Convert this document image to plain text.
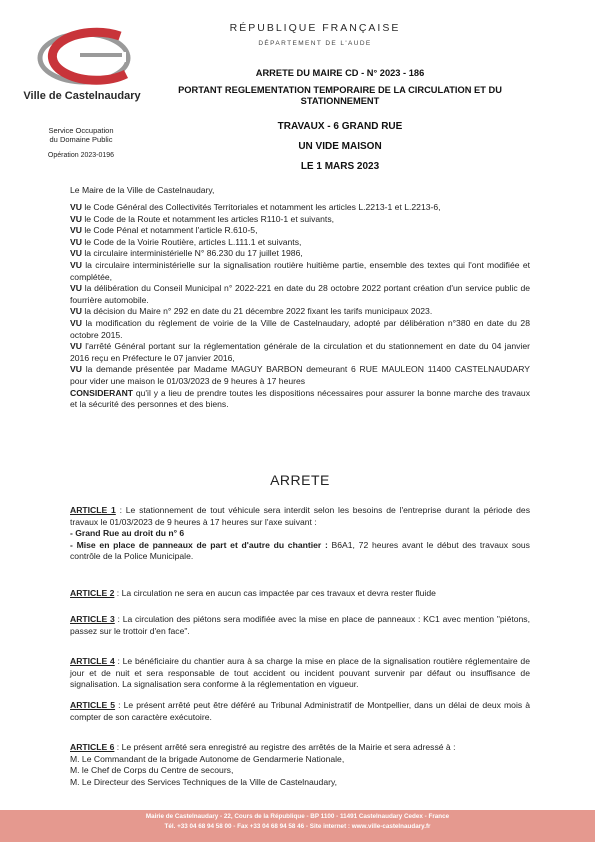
Ville de Castelnaudary
RÉPUBLIQUE FRANÇAISE
DÉPARTEMENT DE L'AUDE
Service Occupation
du Domaine Public
Opération 2023-0196
ARRETE DU MAIRE CD - N° 2023 - 186
PORTANT REGLEMENTATION TEMPORAIRE DE LA CIRCULATION ET DU STATIONNEMENT
TRAVAUX - 6 GRAND RUE
UN VIDE MAISON
LE 1 MARS 2023
Le Maire de la Ville de Castelnaudary,
VU le Code Général des Collectivités Territoriales et notamment les articles L.2213-1 et L.2213-6,
VU le Code de la Route et notamment les articles R110-1 et suivants,
VU le Code Pénal et notamment l'article R.610-5,
VU le Code de la Voirie Routière, articles L.111.1 et suivants,
VU la circulaire interministérielle N° 86.230 du 17 juillet 1986,
VU la circulaire interministérielle sur la signalisation routière huitième partie, ensemble des textes qui l'ont modifiée et complétée,
VU la délibération du Conseil Municipal n° 2022-221 en date du 28 octobre 2022 portant création d'un service public de fourrière automobile.
VU la décision du Maire n° 292 en date du 21 décembre 2022 fixant les tarifs municipaux 2023.
VU la modification du règlement de voirie de la Ville de Castelnaudary, adopté par délibération n°380 en date du 28 octobre 2015.
VU l'arrêté Général portant sur la réglementation générale de la circulation et du stationnement en date du 04 janvier 2016 reçu en Préfecture le 07 janvier 2016,
VU la demande présentée par Madame MAGUY BARBON demeurant 6 RUE MAULEON 11400 CASTELNAUDARY pour vider une maison le 01/03/2023 de 9 heures à 17 heures
CONSIDERANT qu'il y a lieu de prendre toutes les dispositions nécessaires pour assurer la bonne marche des travaux et la sécurité des personnes et des biens.
ARRETE
ARTICLE 1 : Le stationnement de tout véhicule sera interdit selon les besoins de l'entreprise durant la période des travaux le 01/03/2023 de 9 heures à 17 heures sur l'axe suivant :
- Grand Rue au droit du n° 6
- Mise en place de panneaux de part et d'autre du chantier : B6A1, 72 heures avant le début des travaux sous contrôle de la Police Municipale.
ARTICLE 2 : La circulation ne sera en aucun cas impactée par ces travaux et devra rester fluide
ARTICLE 3 : La circulation des piétons sera modifiée avec la mise en place de panneaux : KC1 avec mention "piétons, passez sur le trottoir d'en face".
ARTICLE 4 : Le bénéficiaire du chantier aura à sa charge la mise en place de la signalisation routière réglementaire de jour et de nuit et sera responsable de tout accident ou incident pouvant survenir par défaut ou insuffisance de signalisation. La signalisation sera conforme à la réglementation en vigueur.
ARTICLE 5 : Le présent arrêté peut être déféré au Tribunal Administratif de Montpellier, dans un délai de deux mois à compter de son caractère exécutoire.
ARTICLE 6 : Le présent arrêté sera enregistré au registre des arrêtés de la Mairie et sera adressé à :
M. Le Commandant de la brigade Autonome de Gendarmerie Nationale,
M. le Chef de Corps du Centre de secours,
M. Le Directeur des Services Techniques de la Ville de Castelnaudary,
Mairie de Castelnaudary - 22, Cours de la République - BP 1100 - 11491 Castelnaudary Cedex - France
Tél. +33 04 68 94 58 00 - Fax +33 04 68 94 58 46 - Site internet : www.ville-castelnaudary.fr
